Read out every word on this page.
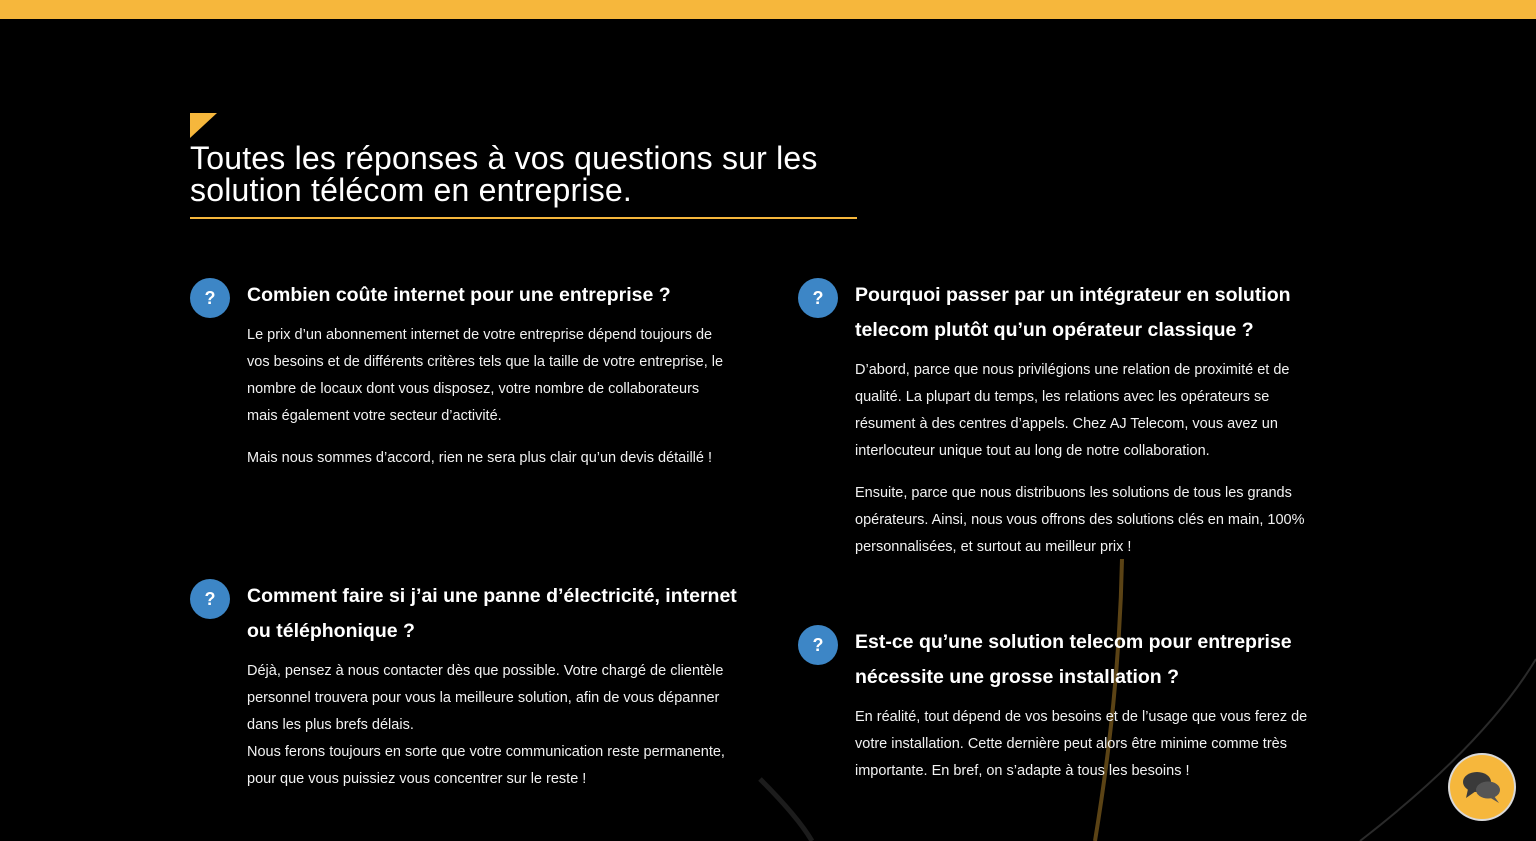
Toutes les réponses à vos questions sur les solution télécom en entreprise.
?	Combien coûte internet pour une entreprise ?

Le prix d’un abonnement internet de votre entreprise dépend toujours de vos besoins et de différents critères tels que la taille de votre entreprise, le nombre de locaux dont vous disposez, votre nombre de collaborateurs mais également votre secteur d’activité.

Mais nous sommes d’accord, rien ne sera plus clair qu’un devis détaillé !

?	Pourquoi passer par un intégrateur en solution telecom plutôt qu’un opérateur classique ?

D’abord, parce que nous privilégions une relation de proximité et de qualité. La plupart du temps, les relations avec les opérateurs se résument à des centres d’appels. Chez AJ Telecom, vous avez un interlocuteur unique tout au long de notre collaboration.

Ensuite, parce que nous distribuons les solutions de tous les grands opérateurs. Ainsi, nous vous offrons des solutions clés en main, 100% personnalisées, et surtout au meilleur prix !

?	Comment faire si j’ai une panne d’électricité, internet ou téléphonique ?

Déjà, pensez à nous contacter dès que possible. Votre chargé de clientèle personnel trouvera pour vous la meilleure solution, afin de vous dépanner dans les plus brefs délais.

Nous ferons toujours en sorte que votre communication reste permanente, pour que vous puissiez vous concentrer sur le reste !

?	Est-ce qu’une solution telecom pour entreprise nécessite une grosse installation ?

En réalité, tout dépend de vos besoins et de l’usage que vous ferez de votre installation. Cette dernière peut alors être minime comme très importante. En bref, on s’adapte à tous les besoins !
